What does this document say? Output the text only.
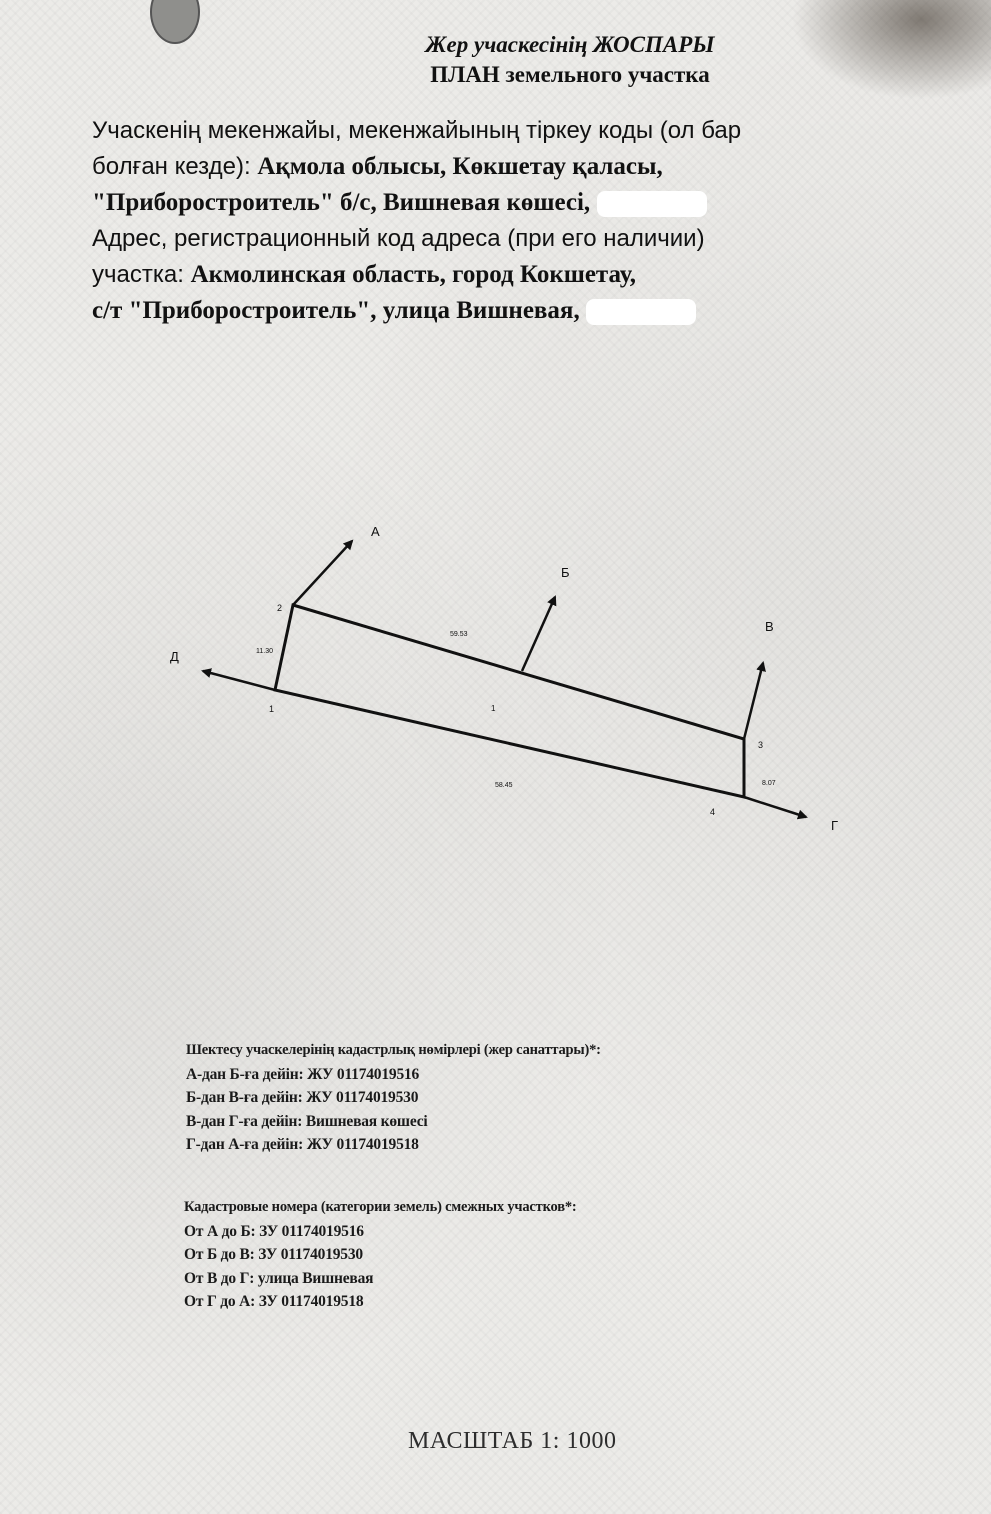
Жер учаскесінің ЖОСПАРЫ
ПЛАН земельного участка
Учаскенің мекенжайы, мекенжайының тіркеу коды (ол бар
болған кезде): Ақмола облысы, Көкшетау қаласы,
"Приборостроитель" б/с, Вишневая көшесі,
Адрес, регистрационный код адреса (при его наличии)
участка: Акмолинская область, город Кокшетау,
с/т "Приборостроитель", улица Вишневая,
А
Б
В
Г
Д
2
1
3
4
11.30
59.53
8.07
58.45
1
Шектесу учаскелерінің кадастрлық нөмірлері (жер санаттары)*:
А-дан Б-ға дейін: ЖУ 01174019516
Б-дан В-ға дейін: ЖУ 01174019530
В-дан Г-ға дейін: Вишневая көшесі
Г-дан А-ға дейін: ЖУ 01174019518
Кадастровые номера (категории земель) смежных участков*:
От А до Б: ЗУ 01174019516
От Б до В: ЗУ 01174019530
От В до Г: улица Вишневая
От Г до А: ЗУ 01174019518
МАСШТАБ 1: 1000
